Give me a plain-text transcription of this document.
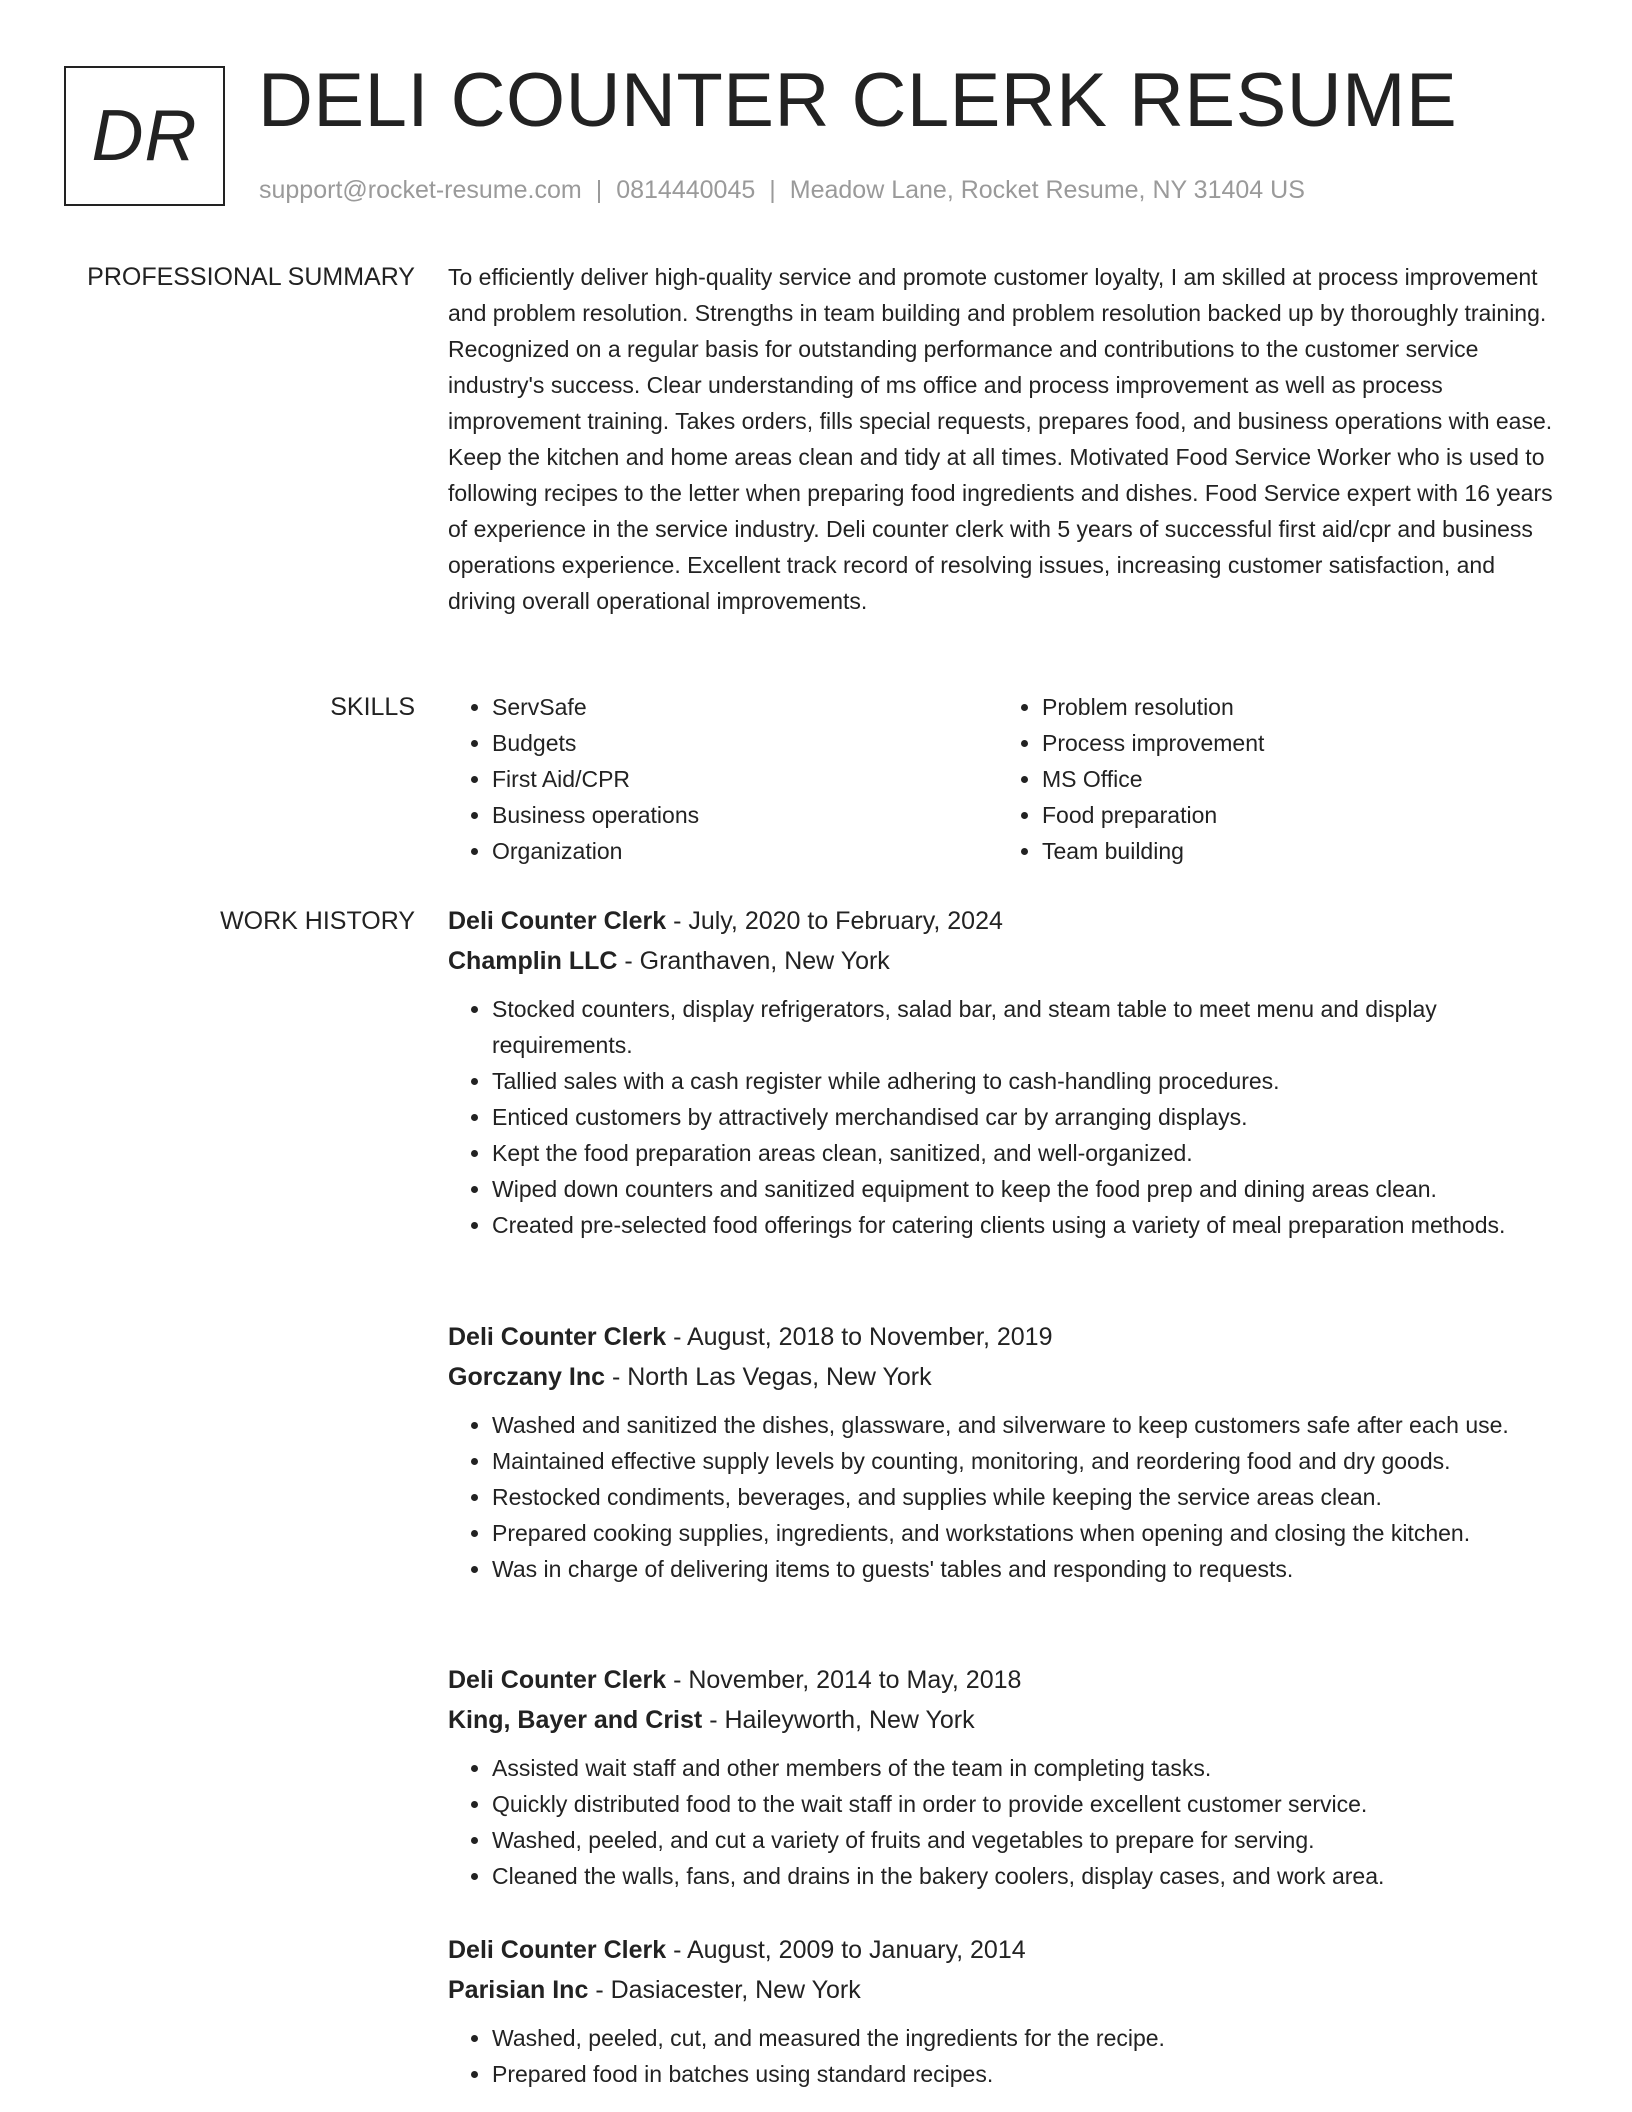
DR DELI COUNTER CLERK RESUME
support@rocket-resume.com | 0814440045 | Meadow Lane, Rocket Resume, NY 31404 US
PROFESSIONAL SUMMARY To efficiently deliver high-quality service and promote customer loyalty, I am skilled at process improvement and problem resolution. Strengths in team building and problem resolution backed up by thoroughly training. Recognized on a regular basis for outstanding performance and contributions to the customer service industry's success. Clear understanding of ms office and process improvement as well as process improvement training. Takes orders, fills special requests, prepares food, and business operations with ease. Keep the kitchen and home areas clean and tidy at all times. Motivated Food Service Worker who is used to following recipes to the letter when preparing food ingredients and dishes. Food Service expert with 16 years of experience in the service industry. Deli counter clerk with 5 years of successful first aid/cpr and business operations experience. Excellent track record of resolving issues, increasing customer satisfaction, and driving overall operational improvements.

SKILLS
•	ServSafe
• Budgets
• First Aid/CPR
• Business operations
• Organization
• Problem resolution
• Process improvement
• MS Office
• Food preparation
• Team building
WORK HISTORY Deli Counter Clerk - July, 2020 to February, 2024
Champlin LLC - Granthaven, New York
• Stocked counters, display refrigerators, salad bar, and steam table to meet menu and display requirements.
• Tallied sales with a cash register while adhering to cash-handling procedures.
• Enticed customers by attractively merchandised car by arranging displays.
• Kept the food preparation areas clean, sanitized, and well-organized.
• Wiped down counters and sanitized equipment to keep the food prep and dining areas clean.
• Created pre-selected food offerings for catering clients using a variety of meal preparation methods.
Deli Counter Clerk - August, 2018 to November, 2019
Gorczany Inc - North Las Vegas, New York
• Washed and sanitized the dishes, glassware, and silverware to keep customers safe after each use.
• Maintained effective supply levels by counting, monitoring, and reordering food and dry goods.
• Restocked condiments, beverages, and supplies while keeping the service areas clean.
• Prepared cooking supplies, ingredients, and workstations when opening and closing the kitchen.
• Was in charge of delivering items to guests' tables and responding to requests.
Deli Counter Clerk - November, 2014 to May, 2018
King, Bayer and Crist - Haileyworth, New York
• Assisted wait staff and other members of the team in completing tasks.
• Quickly distributed food to the wait staff in order to provide excellent customer service.
• Washed, peeled, and cut a variety of fruits and vegetables to prepare for serving.
• Cleaned the walls, fans, and drains in the bakery coolers, display cases, and work area.
Deli Counter Clerk - August, 2009 to January, 2014
Parisian Inc - Dasiacester, New York
• Washed, peeled, cut, and measured the ingredients for the recipe.
• Prepared food in batches using standard recipes.
